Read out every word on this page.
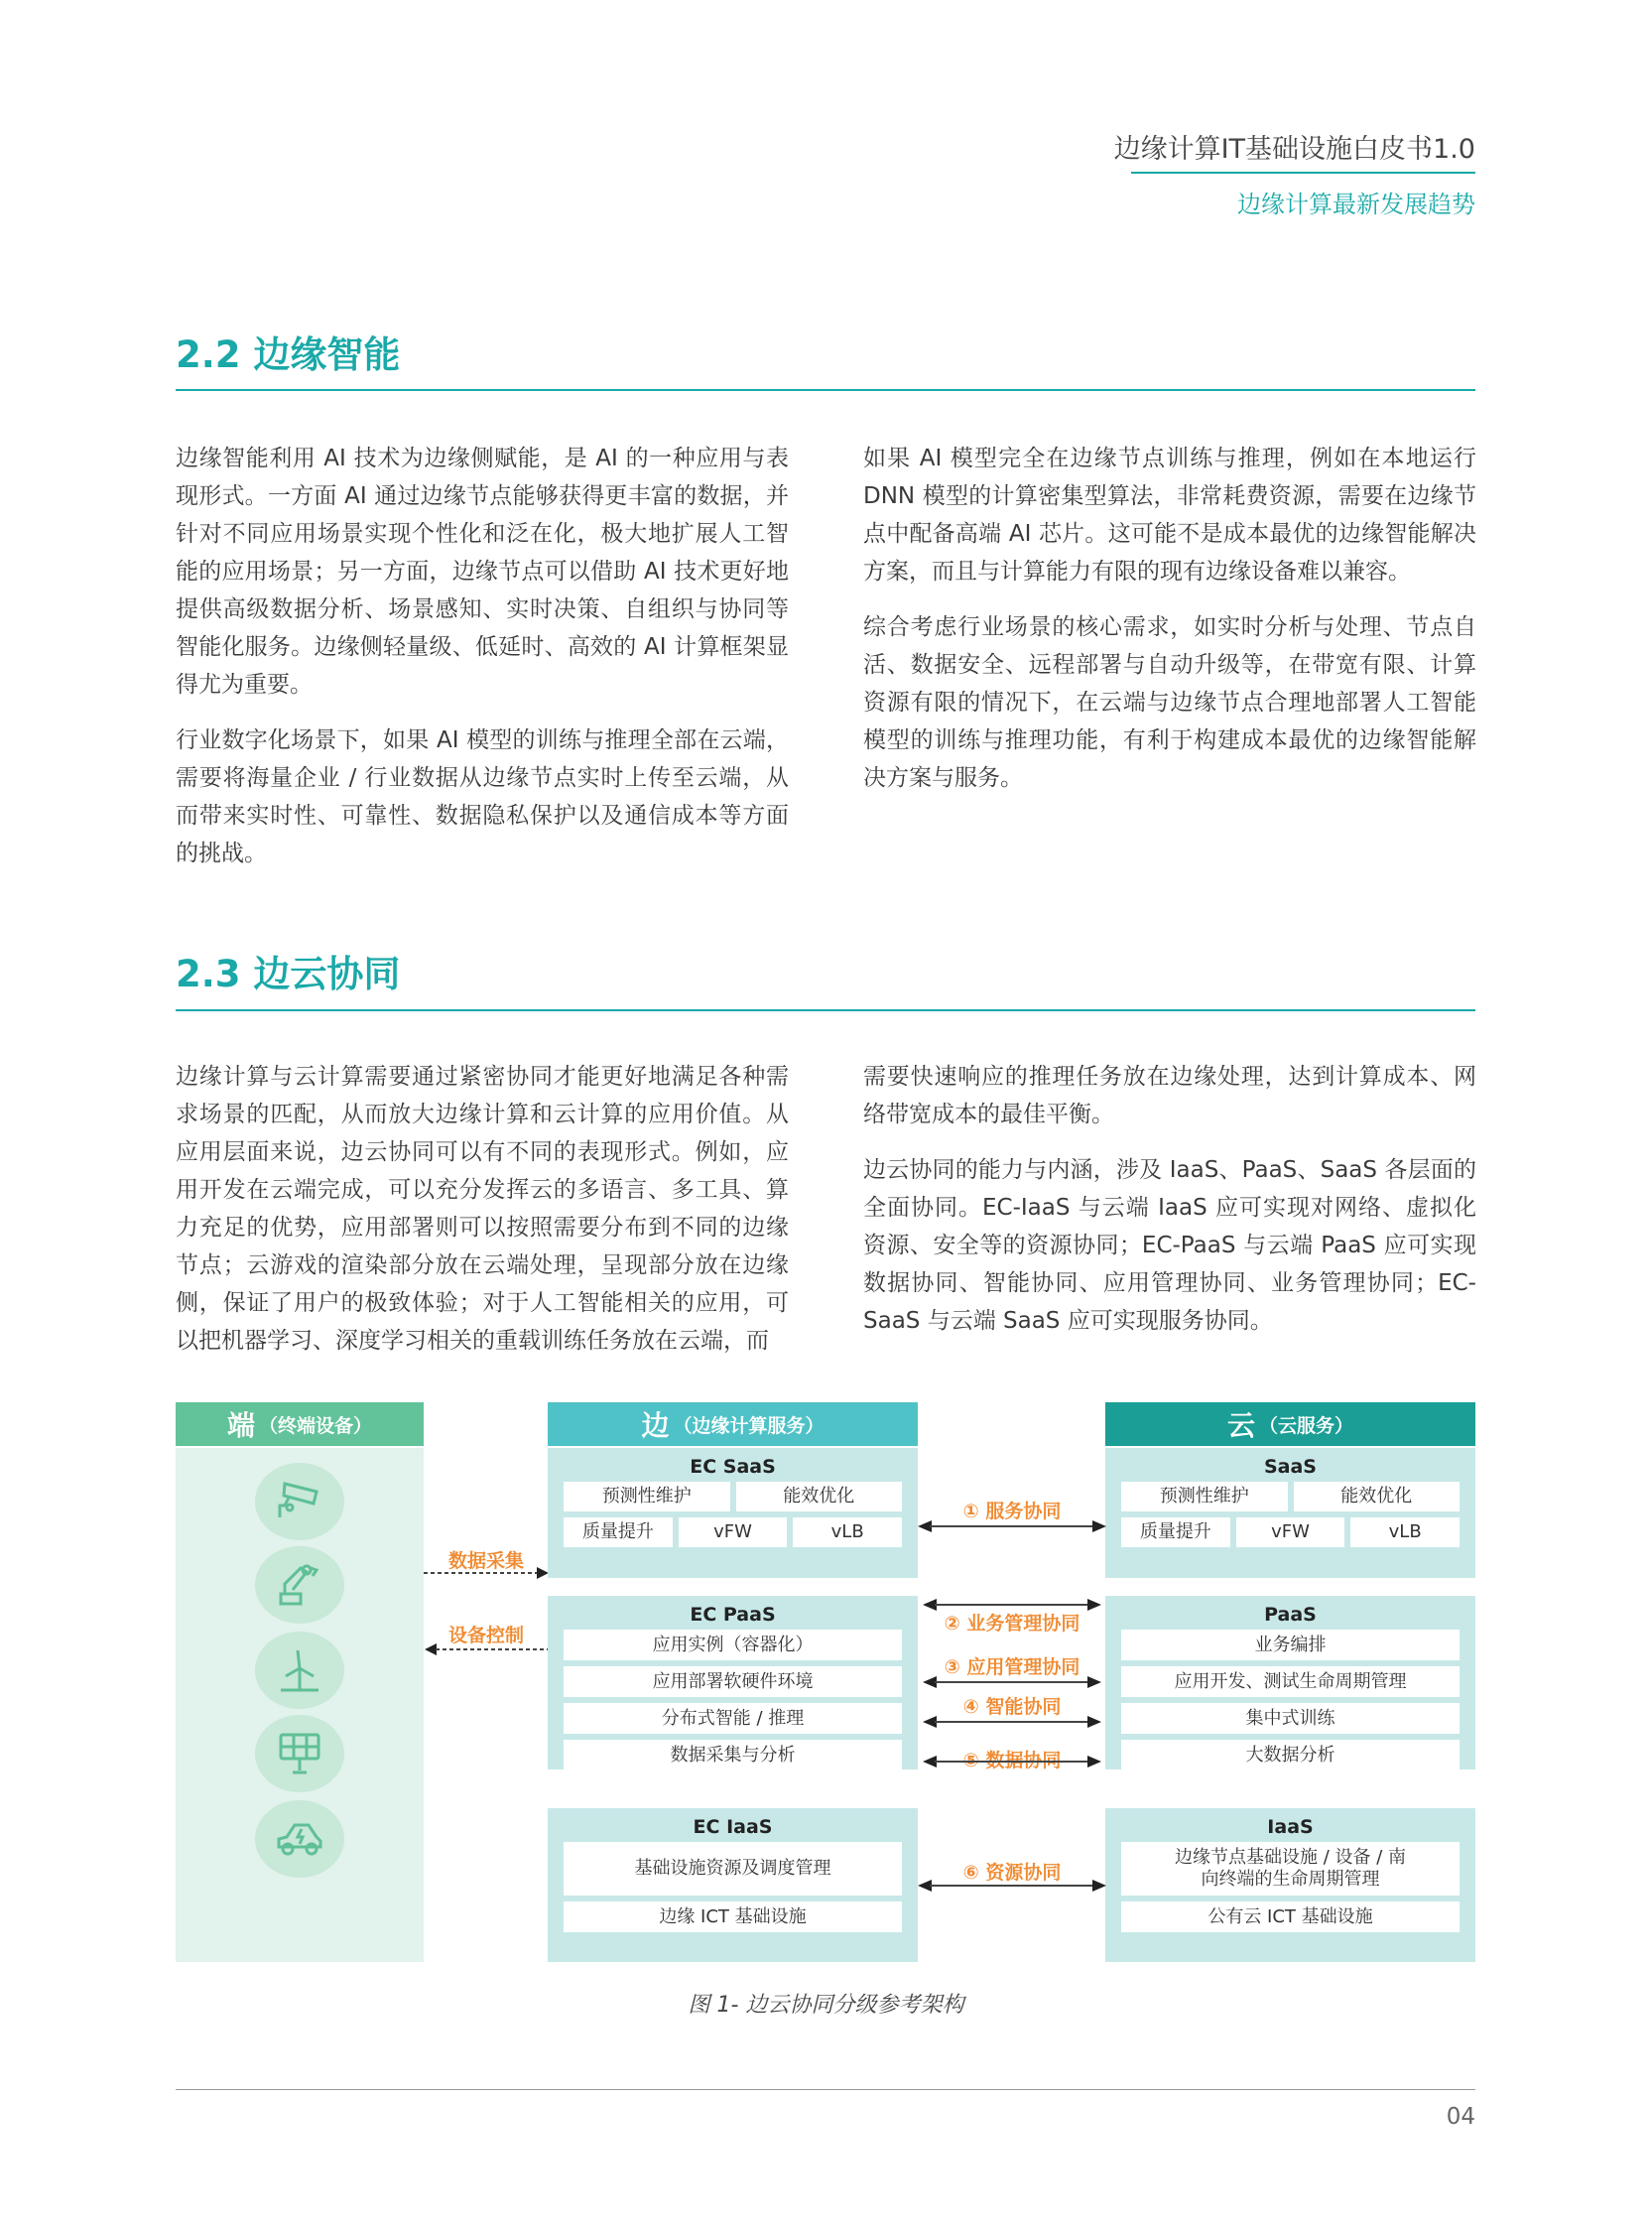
边缘计算IT基础设施白皮书1.0
边缘计算最新发展趋势
2.2 边缘智能

边缘智能利用 AI 技术为边缘侧赋能，是 AI 的一种应用与表现形式。一方面 AI 通过边缘节点能够获得更丰富的数据，并针对不同应用场景实现个性化和泛在化，极大地扩展人工智能的应用场景；另一方面，边缘节点可以借助 AI 技术更好地提供高级数据分析、场景感知、实时决策、自组织与协同等智能化服务。边缘侧轻量级、低延时、高效的 AI 计算框架显得尤为重要。

行业数字化场景下，如果 AI 模型的训练与推理全部在云端，需要将海量企业 / 行业数据从边缘节点实时上传至云端，从而带来实时性、可靠性、数据隐私保护以及通信成本等方面的挑战。

如果 AI 模型完全在边缘节点训练与推理，例如在本地运行 DNN 模型的计算密集型算法，非常耗费资源，需要在边缘节点中配备高端 AI 芯片。这可能不是成本最优的边缘智能解决方案，而且与计算能力有限的现有边缘设备难以兼容。

综合考虑行业场景的核心需求，如实时分析与处理、节点自活、数据安全、远程部署与自动升级等，在带宽有限、计算资源有限的情况下，在云端与边缘节点合理地部署人工智能模型的训练与推理功能，有利于构建成本最优的边缘智能解决方案与服务。

2.3 边云协同

边缘计算与云计算需要通过紧密协同才能更好地满足各种需求场景的匹配，从而放大边缘计算和云计算的应用价值。从应用层面来说，边云协同可以有不同的表现形式。例如，应用开发在云端完成，可以充分发挥云的多语言、多工具、算力充足的优势，应用部署则可以按照需要分布到不同的边缘节点；云游戏的渲染部分放在云端处理，呈现部分放在边缘侧，保证了用户的极致体验；对于人工智能相关的应用，可以把机器学习、深度学习相关的重载训练任务放在云端，而

需要快速响应的推理任务放在边缘处理，达到计算成本、网络带宽成本的最佳平衡。

边云协同的能力与内涵，涉及 IaaS、PaaS、SaaS 各层面的全面协同。EC-IaaS 与云端 IaaS 应可实现对网络、虚拟化资源、安全等的资源协同；EC-PaaS 与云端 PaaS 应可实现数据协同、智能协同、应用管理协同、业务管理协同；EC-SaaS 与云端 SaaS 应可实现服务协同。

端 （终端设备）	边 （边缘计算服务）	云 （云服务）
数据采集
设备控制
EC SaaS
预测性维护	能效优化
质量提升	vFW	vLB
EC PaaS
应用实例（容器化）
应用部署软硬件环境
分布式智能 / 推理
数据采集与分析
EC IaaS
基础设施资源及调度管理
边缘 ICT 基础设施
SaaS
预测性维护	能效优化
质量提升	vFW	vLB
PaaS
业务编排
应用开发、测试生命周期管理
集中式训练
大数据分析
IaaS
边缘节点基础设施 / 设备 / 南向终端的生命周期管理
公有云 ICT 基础设施
① 服务协同
② 业务管理协同
③ 应用管理协同
④ 智能协同
⑤ 数据协同
⑥ 资源协同
图 1- 边云协同分级参考架构
04
